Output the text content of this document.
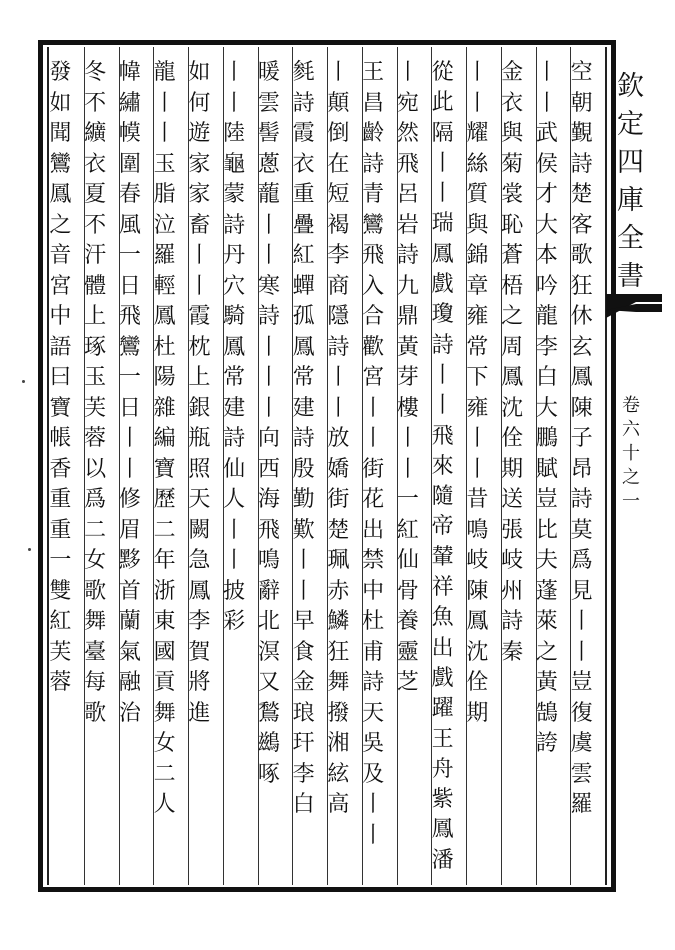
空朝覲詩楚客歌狂休玄鳳陳子昂詩莫爲見丨丨豈復虞雲羅
丨丨武侯才大本吟龍李白大鵬賦豈比夫蓬萊之黃鵠誇
金衣與菊裳恥蒼梧之周鳳沈佺期送張岐州詩秦
丨丨耀絲質與錦章雍常下雍丨丨昔鳴岐陳鳳沈佺期
從此隔丨丨瑞鳳戲瓊詩丨丨飛來隨帝輦祥魚出戲躍王舟紫鳳潘
丨宛然飛呂岩詩九鼎黃芽樓丨丨一紅仙骨養靈芝
王昌齡詩青鸞飛入合歡宮丨丨街花出禁中杜甫詩天吳及丨丨
丨顛倒在短褐李商隱詩丨丨放嬌街楚珮赤鱗狂舞撥湘絃高
毵詩霞衣重疊紅蟬孤鳳常建詩殷勤歎丨丨早食金琅玕李白
暖雲髻蔥蘢丨丨寒詩丨丨丨向西海飛鳴辭北溟又鶖鷀啄
丨丨陸龜蒙詩丹穴騎鳳常建詩仙人丨丨披彩
如何遊家家畜丨丨霞枕上銀瓶照天闕急鳳李賀將進
龍丨丨玉脂泣羅輕鳳杜陽雜編寶歷二年浙東國貢舞女二人
幃繡幙圍春風一日飛鸞一日丨丨修眉黟首蘭氣融治
冬不纊衣夏不汗體上琢玉芙蓉以爲二女歌舞臺每歌
發如聞鸞鳳之音宮中語曰寶帳香重重一雙紅芙蓉
欽定四庫全書
卷六十之一
